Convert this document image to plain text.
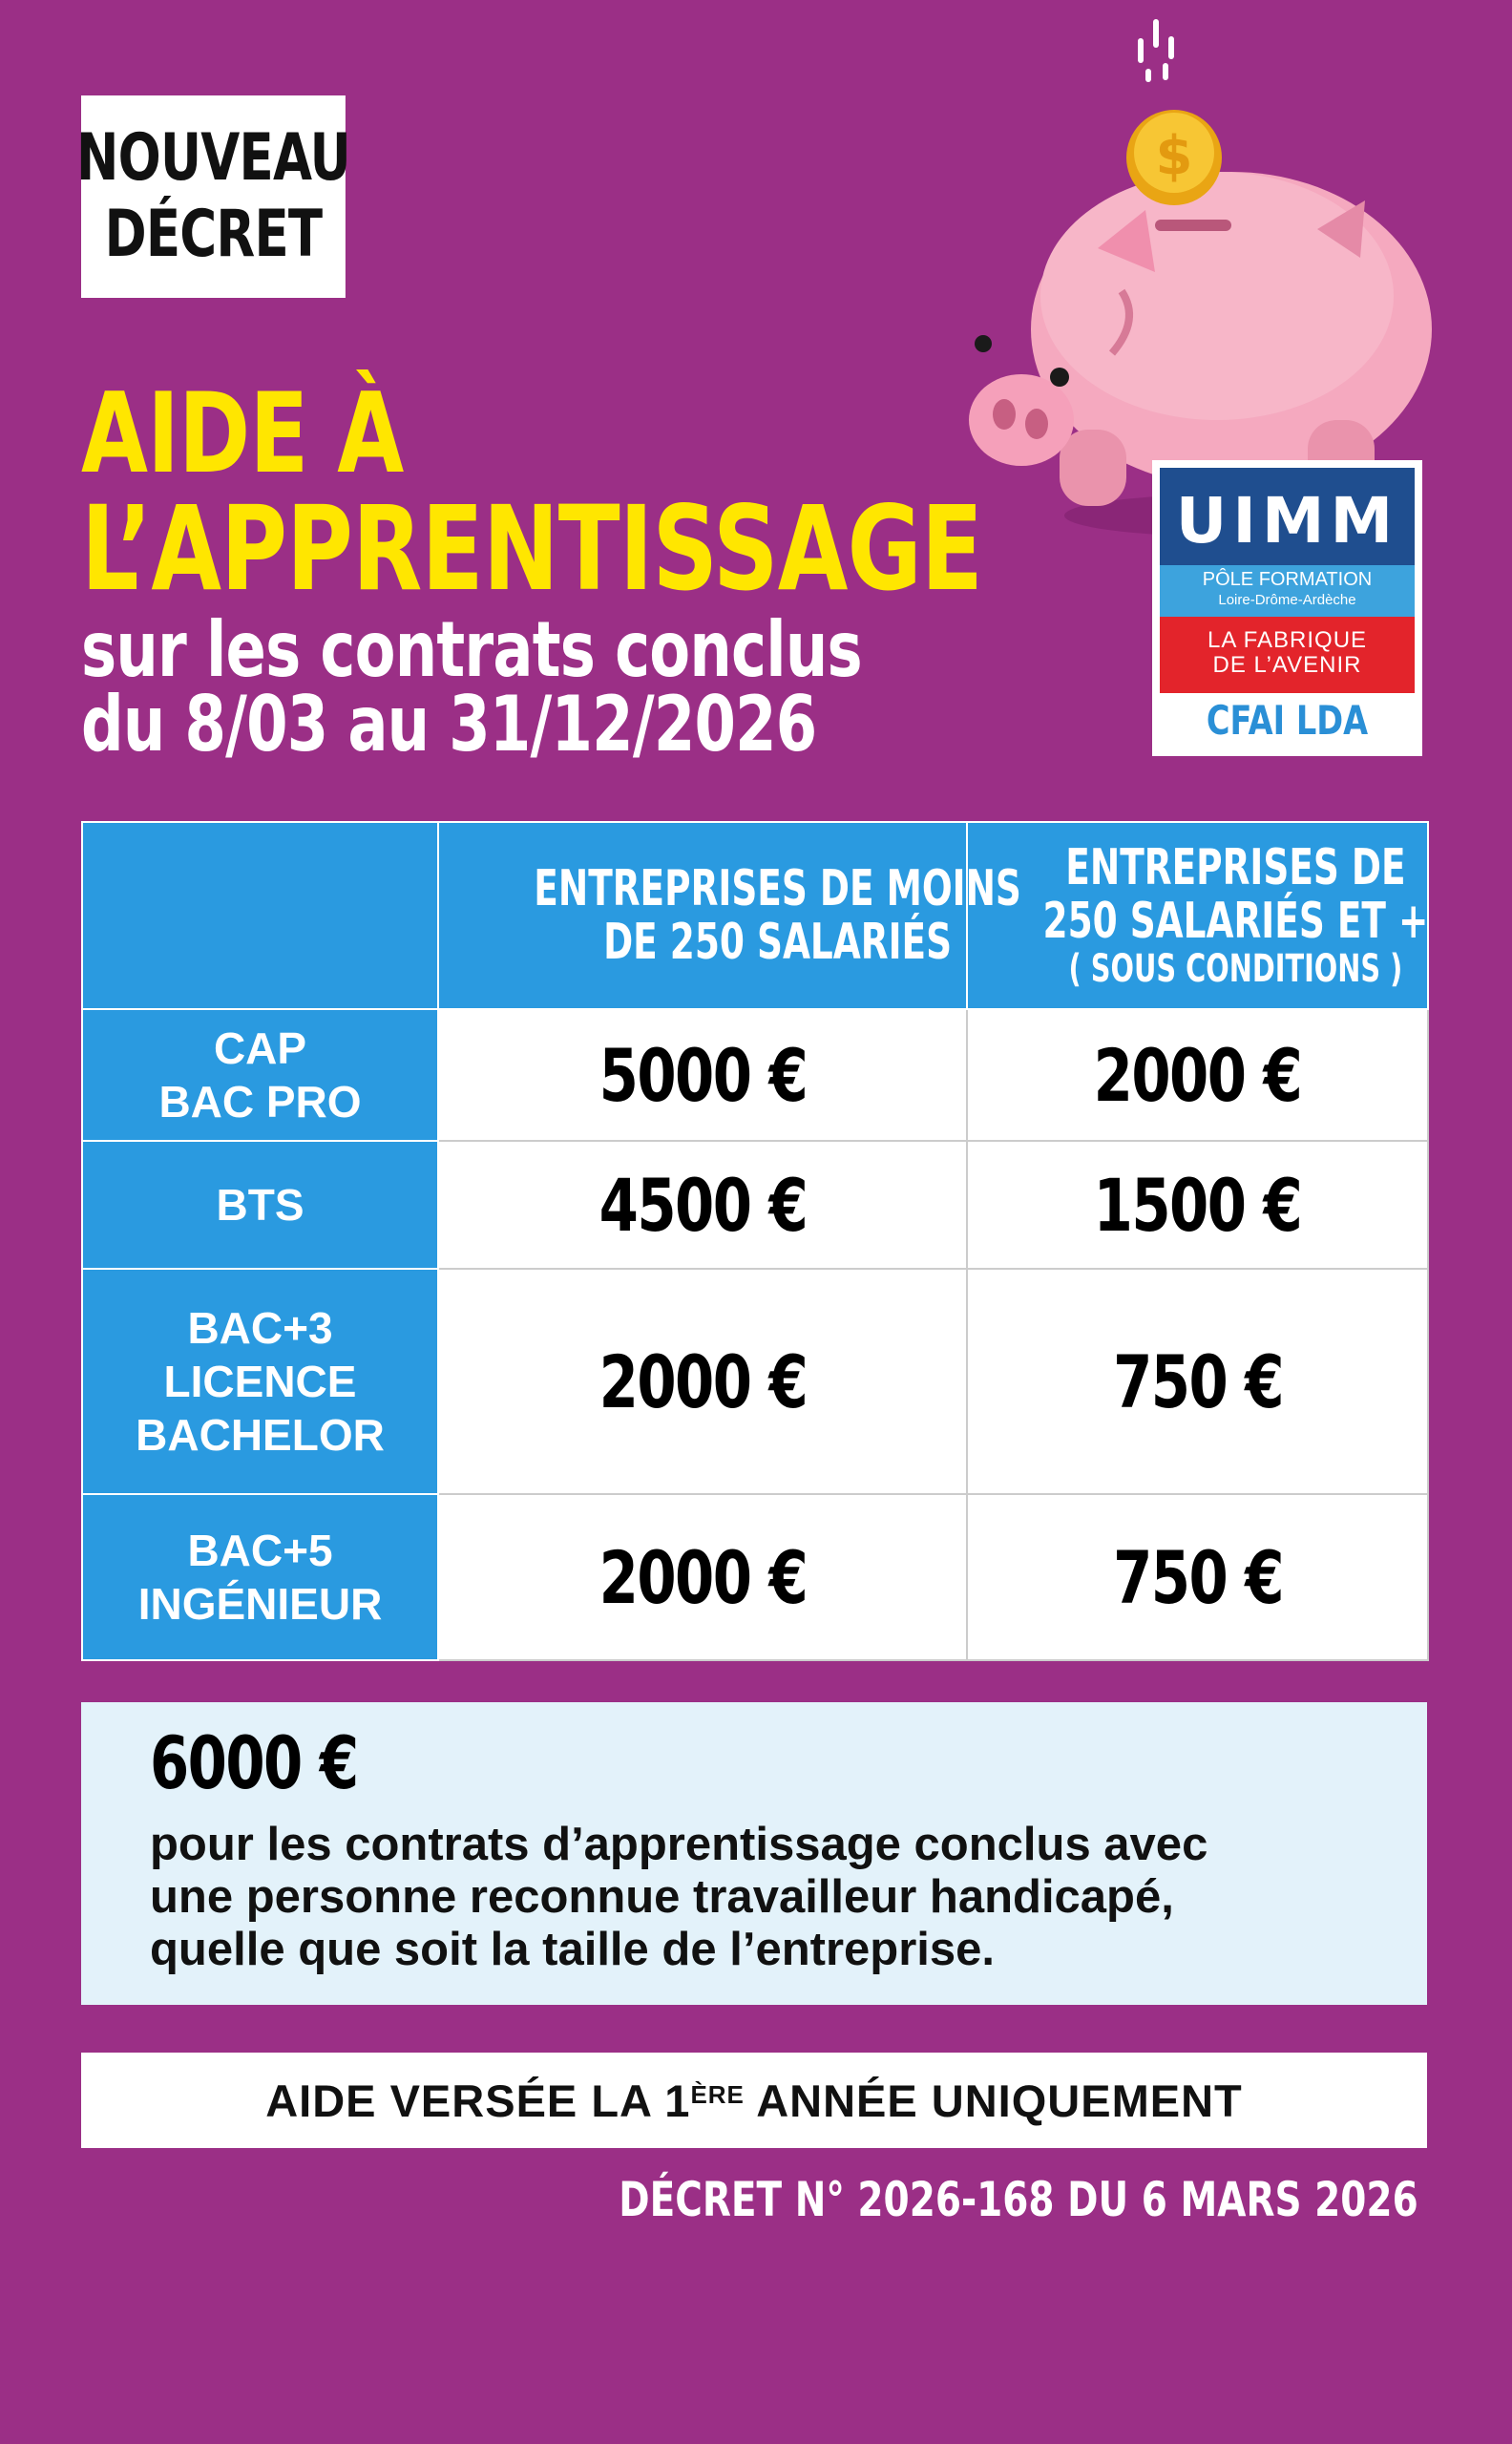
NOUVEAU
DÉCRET
AIDE À
L’APPRENTISSAGE
sur les contrats conclus
du 8/03 au 31/12/2026
$
UIMM
PÔLE FORMATION
Loire-Drôme-Ardèche
LA FABRIQUE
DE L’AVENIR
CFAI LDA

	ENTREPRISES DE MOINS
DE 250 SALARIÉS	ENTREPRISES DE
250 SALARIÉS ET +
( SOUS CONDITIONS )

CAP
BAC PRO	5000 €	2000 €

BTS	4500 €	1500 €

BAC+3
LICENCE
BACHELOR	2000 €	750 €

BAC+5
INGÉNIEUR	2000 €	750 €
6000 €
pour les contrats d’apprentissage conclus avec
une personne reconnue travailleur handicapé,
quelle que soit la taille de l’entreprise.
AIDE VERSÉE LA 1ÈRE ANNÉE UNIQUEMENT
DÉCRET N° 2026-168 DU 6 MARS 2026
